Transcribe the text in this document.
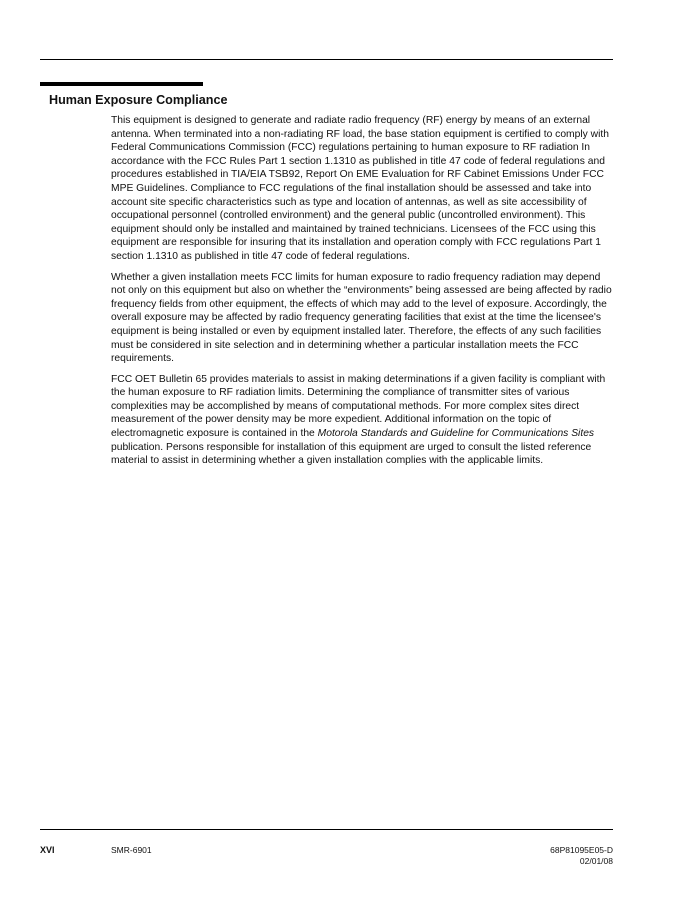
Human Exposure Compliance

This equipment is designed to generate and radiate radio frequency (RF) energy by means of an external antenna. When terminated into a non-radiating RF load, the base station equipment is certified to comply with Federal Communications Commission (FCC) regulations pertaining to human exposure to RF radiation In accordance with the FCC Rules Part 1 section 1.1310 as published in title 47 code of federal regulations and procedures established in TIA/EIA TSB92, Report On EME Evaluation for RF Cabinet Emissions Under FCC MPE Guidelines. Compliance to FCC regulations of the final installation should be assessed and take into account site specific characteristics such as type and location of antennas, as well as site accessibility of occupational personnel (controlled environment) and the general public (uncontrolled environment). This equipment should only be installed and maintained by trained technicians. Licensees of the FCC using this equipment are responsible for insuring that its installation and operation comply with FCC regulations Part 1 section 1.1310 as published in title 47 code of federal regulations.

Whether a given installation meets FCC limits for human exposure to radio frequency radiation may depend not only on this equipment but also on whether the “environments” being assessed are being affected by radio frequency fields from other equipment, the effects of which may add to the level of exposure. Accordingly, the overall exposure may be affected by radio frequency generating facilities that exist at the time the licensee's equipment is being installed or even by equipment installed later. Therefore, the effects of any such facilities must be considered in site selection and in determining whether a particular installation meets the FCC requirements.

FCC OET Bulletin 65 provides materials to assist in making determinations if a given facility is compliant with the human exposure to RF radiation limits. Determining the compliance of transmitter sites of various complexities may be accomplished by means of computational methods. For more complex sites direct measurement of the power density may be more expedient. Additional information on the topic of electromagnetic exposure is contained in the Motorola Standards and Guideline for Communications Sites publication. Persons responsible for installation of this equipment are urged to consult the listed reference material to assist in determining whether a given installation complies with the applicable limits.

XVI	SMR-6901	68P81095E05-D
02/01/08
